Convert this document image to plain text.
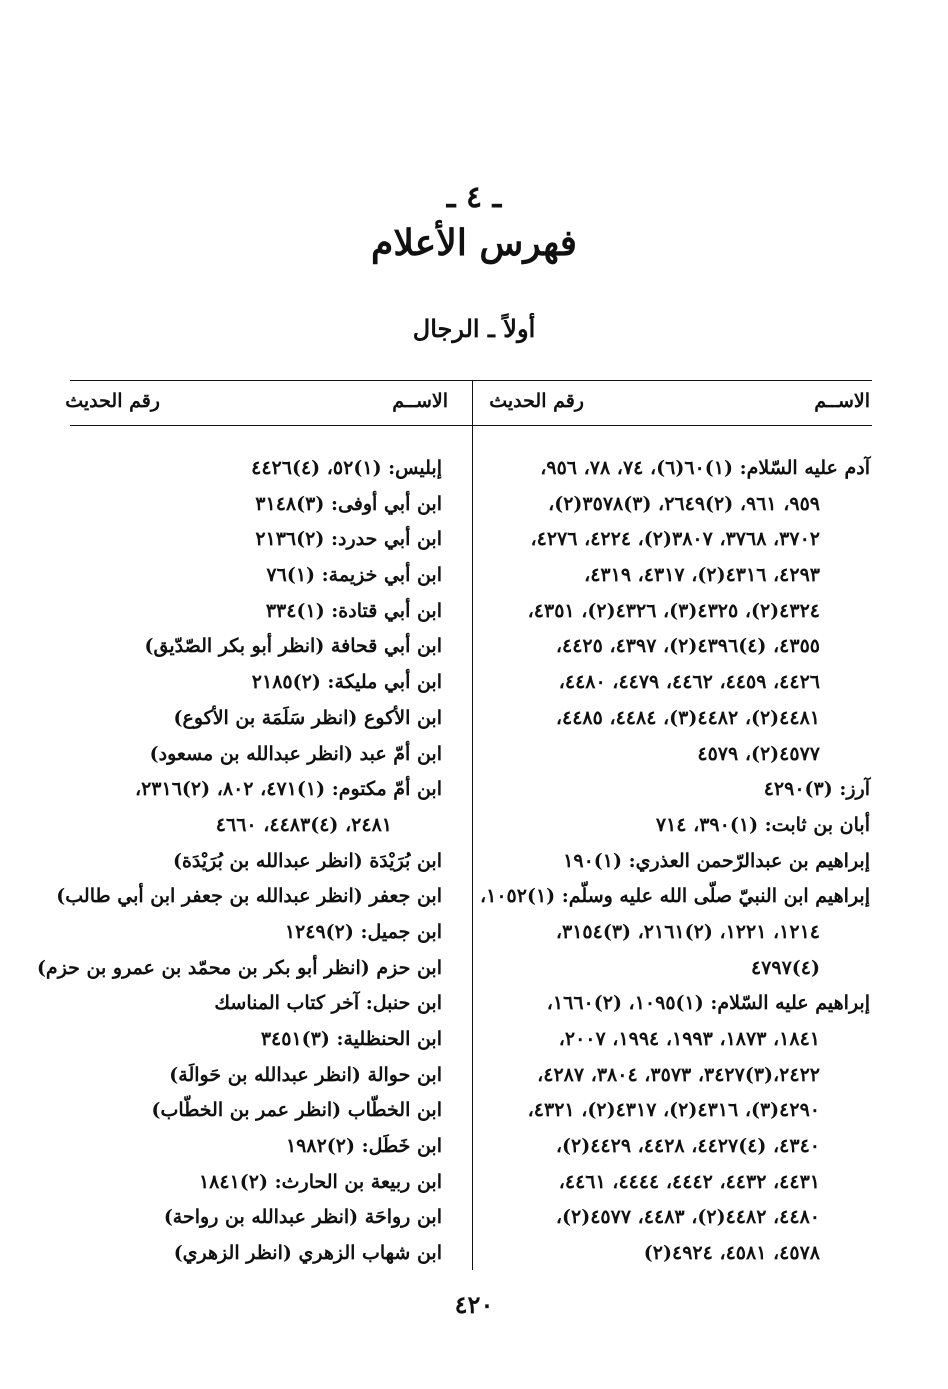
ـ ٤ ـ
فهرس الأعلام
أولاً ـ الرجال
الاســم
رقم الحديث
الاســم
رقم الحديث
آدم عليه السّلام: (١)٦٠(٦)، ٧٤، ٧٨، ٩٥٦،
٩٥٩، ٩٦١، (٢)٢٦٤٩، (٣)٣٥٧٨(٢)،
٣٧٠٢، ٣٧٦٨، ٣٨٠٧(٢)، ٤٢٢٤، ٤٢٧٦،
٤٢٩٣، ٤٣١٦(٢)، ٤٣١٧، ٤٣١٩،
٤٣٢٤(٢)، ٤٣٢٥(٣)، ٤٣٢٦(٢)، ٤٣٥١،
٤٣٥٥، (٤)٤٣٩٦(٢)، ٤٣٩٧، ٤٤٢٥،
٤٤٢٦، ٤٤٥٩، ٤٤٦٢، ٤٤٧٩، ٤٤٨٠،
٤٤٨١(٢)، ٤٤٨٢(٣)، ٤٤٨٤، ٤٤٨٥،
٤٥٧٧(٢)، ٤٥٧٩
آرز: (٣)٤٢٩٠
أبان بن ثابت: (١)٣٩٠، ٧١٤
إبراهيم بن عبدالرّحمن العذري: (١)١٩٠
إبراهيم ابن النبيّ صلّى الله عليه وسلّم: (١)١٠٥٢،
١٢١٤، ١٢٢١، (٢)٢١٦١، (٣)٣١٥٤،
(٤)٤٧٩٧
إبراهيم عليه السّلام: (١)١٠٩٥، (٢)١٦٦٠،
١٨٤١، ١٨٧٣، ١٩٩٣، ١٩٩٤، ٢٠٠٧،
٢٤٢٢،(٣)٣٤٢٧، ٣٥٧٣، ٣٨٠٤، ٤٢٨٧،
٤٢٩٠(٣)، ٤٣١٦(٢)، ٤٣١٧(٢)، ٤٣٢١،
٤٣٤٠، (٤)٤٤٢٧، ٤٤٢٨، ٤٤٢٩(٢)،
٤٤٣١، ٤٤٣٢، ٤٤٤٢، ٤٤٤٤، ٤٤٦١،
٤٤٨٠، ٤٤٨٢(٢)، ٤٤٨٣، ٤٥٧٧(٢)،
٤٥٧٨، ٤٥٨١، ٤٩٢٤(٢)
إبليس: (١)٥٢، (٤)٤٤٢٦
ابن أبي أوفى: (٣)٣١٤٨
ابن أبي حدرد: (٢)٢١٣٦
ابن أبي خزيمة: (١)٧٦
ابن أبي قتادة: (١)٣٣٤
ابن أبي قحافة (انظر أبو بكر الصّدّيق)
ابن أبي مليكة: (٢)٢١٨٥
ابن الأكوع (انظر سَلَمَة بن الأكوع)
ابن أمّ عبد (انظر عبدالله بن مسعود)
ابن أمّ مكتوم: (١)٤٧١، ٨٠٢، (٢)٢٣١٦،
٢٤٨١، (٤)٤٤٨٣، ٤٦٦٠
ابن بُرَيْدَة (انظر عبدالله بن بُرَيْدَة)
ابن جعفر (انظر عبدالله بن جعفر ابن أبي طالب)
ابن جميل: (٢)١٢٤٩
ابن حزم (انظر أبو بكر بن محمّد بن عمرو بن حزم)
ابن حنبل: آخر كتاب المناسك
ابن الحنظلية: (٣)٣٤٥١
ابن حوالة (انظر عبدالله بن حَوالَة)
ابن الخطّاب (انظر عمر بن الخطّاب)
ابن خَطَل: (٢)١٩٨٢
ابن ربيعة بن الحارث: (٢)١٨٤١
ابن رواحَة (انظر عبدالله بن رواحة)
ابن شهاب الزهري (انظر الزهري)
٤٢٠
